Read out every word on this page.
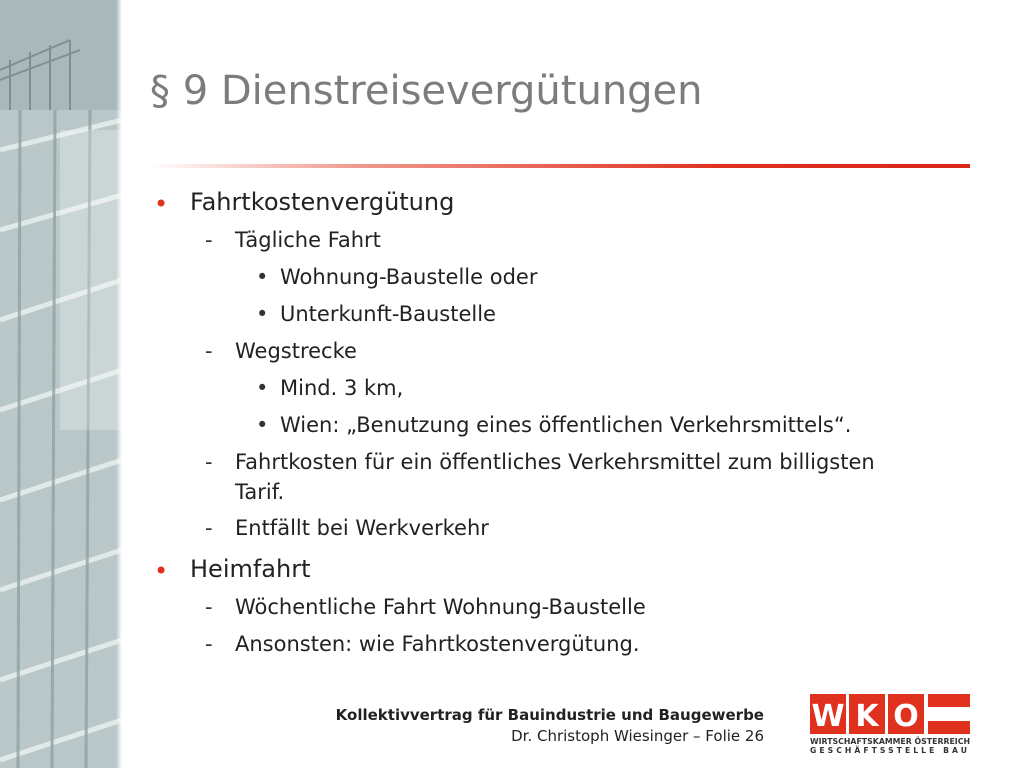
§ 9 Dienstreisevergütungen
• Fahrtkostenvergütung
- Tägliche Fahrt
• Wohnung-Baustelle oder
• Unterkunft-Baustelle
- Wegstrecke
• Mind. 3 km,
• Wien: „Benutzung eines öffentlichen Verkehrsmittels“.
- Fahrtkosten für ein öffentliches Verkehrsmittel zum billigsten
Tarif.
- Entfällt bei Werkverkehr
• Heimfahrt
- Wöchentliche Fahrt Wohnung-Baustelle
- Ansonsten: wie Fahrtkostenvergütung.
Kollektivvertrag für Bauindustrie und Baugewerbe
Dr. Christoph Wiesinger – Folie 26
W K O
WIRTSCHAFTSKAMMER ÖSTERREICH
GESCHÄFTSSTELLE BAU
